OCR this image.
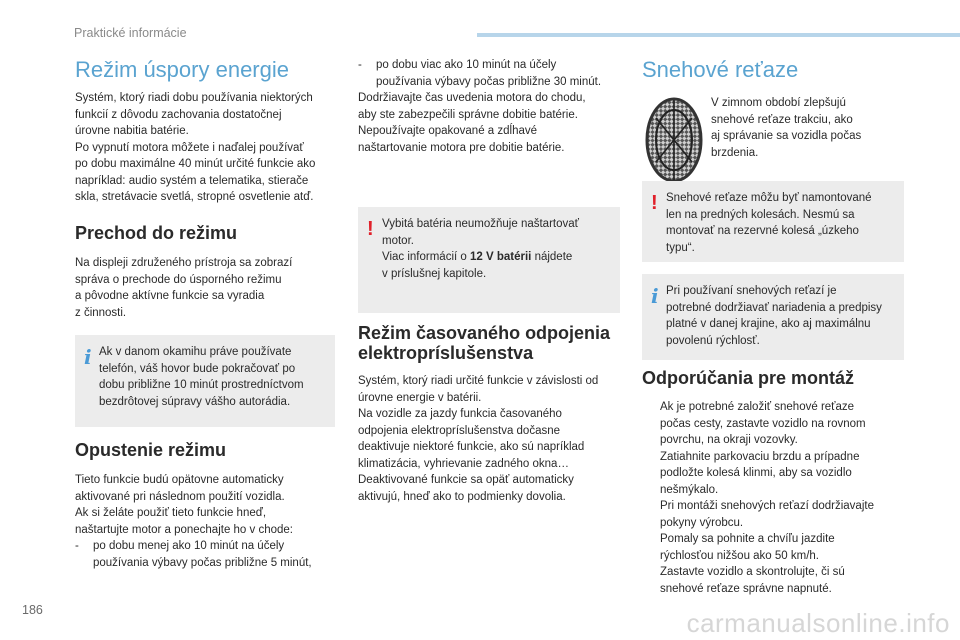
Praktické informácie
Režim úspory energie
Systém, ktorý riadi dobu používania niektorých
funkcií z dôvodu zachovania dostatočnej
úrovne nabitia batérie.
Po vypnutí motora môžete i naďalej používať
po dobu maximálne 40 minút určité funkcie ako
napríklad: audio systém a telematika, stierače
skla, stretávacie svetlá, stropné osvetlenie atď.
Prechod do režimu
Na displeji združeného prístroja sa zobrazí
správa o prechode do úsporného režimu
a pôvodne aktívne funkcie sa vyradia
z činnosti.
i Ak v danom okamihu práve používate
telefón, váš hovor bude pokračovať po
dobu približne 10 minút prostredníctvom
bezdrôtovej súpravy vášho autorádia.
Opustenie režimu
Tieto funkcie budú opätovne automaticky
aktivované pri následnom použití vozidla.
Ak si želáte použiť tieto funkcie hneď,
naštartujte motor a ponechajte ho v chode:
-	po dobu menej ako 10 minút na účely
používania výbavy počas približne 5 minút,
-	po dobu viac ako 10 minút na účely
používania výbavy počas približne 30 minút.
Dodržiavajte čas uvedenia motora do chodu,
aby ste zabezpečili správne dobitie batérie.
Nepoužívajte opakované a zdĺhavé
naštartovanie motora pre dobitie batérie.
! Vybitá batéria neumožňuje naštartovať
motor.
Viac informácií o 12 V batérii nájdete
v príslušnej kapitole.
Režim časovaného odpojenia
elektropríslušenstva
Systém, ktorý riadi určité funkcie v závislosti od
úrovne energie v batérii.
Na vozidle za jazdy funkcia časovaného
odpojenia elektropríslušenstva dočasne
deaktivuje niektoré funkcie, ako sú napríklad
klimatizácia, vyhrievanie zadného okna…
Deaktivované funkcie sa opäť automaticky
aktivujú, hneď ako to podmienky dovolia.
Snehové reťaze
V zimnom období zlepšujú
snehové reťaze trakciu, ako
aj správanie sa vozidla počas
brzdenia.
! Snehové reťaze môžu byť namontované
len na predných kolesách. Nesmú sa
montovať na rezervné kolesá „úzkeho
typu“.
i Pri používaní snehových reťazí je
potrebné dodržiavať nariadenia a predpisy
platné v danej krajine, ako aj maximálnu
povolenú rýchlosť.
Odporúčania pre montáž
Ak je potrebné založiť snehové reťaze
počas cesty, zastavte vozidlo na rovnom
povrchu, na okraji vozovky.
Zatiahnite parkovaciu brzdu a prípadne
podložte kolesá klinmi, aby sa vozidlo
nešmýkalo.
Pri montáži snehových reťazí dodržiavajte
pokyny výrobcu.
Pomaly sa pohnite a chvíľu jazdite
rýchlosťou nižšou ako 50 km/h.
Zastavte vozidlo a skontrolujte, či sú
snehové reťaze správne napnuté.
186	carmanualsonline.info
